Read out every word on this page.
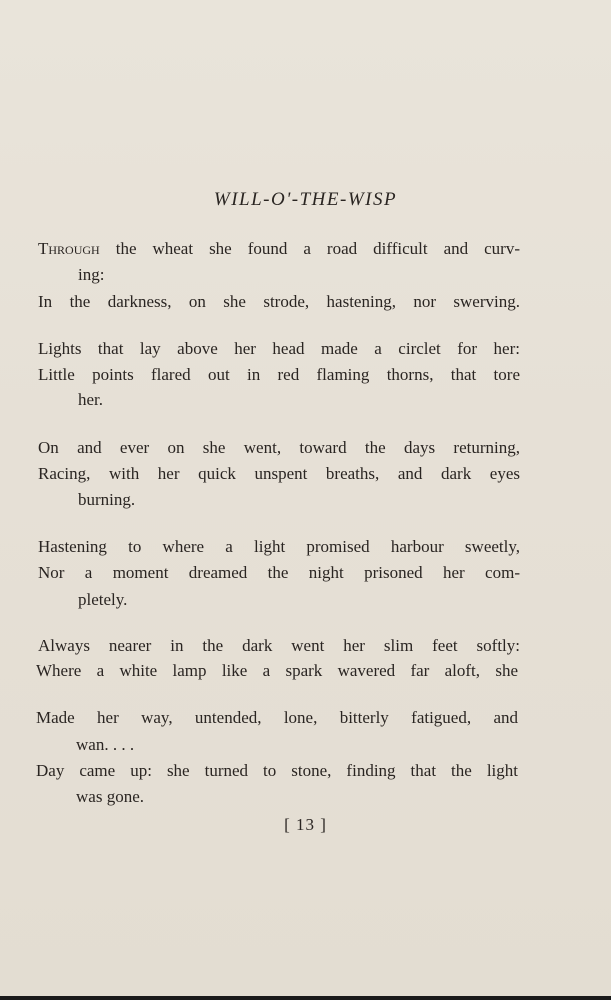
WILL-O'-THE-WISP
Through the wheat she found a road difficult and curv-
ing:
In the darkness, on she strode, hastening, nor swerving.
Lights that lay above her head made a circlet for her:
Little points flared out in red flaming thorns, that tore
her.
On and ever on she went, toward the days returning,
Racing, with her quick unspent breaths, and dark eyes
burning.
Hastening to where a light promised harbour sweetly,
Nor a moment dreamed the night prisoned her com-
pletely.
Always nearer in the dark went her slim feet softly:
Where a white lamp like a spark wavered far aloft, she
Made her way, untended, lone, bitterly fatigued, and
wan. . . .
Day came up: she turned to stone, finding that the light
was gone.
[ 13 ]
